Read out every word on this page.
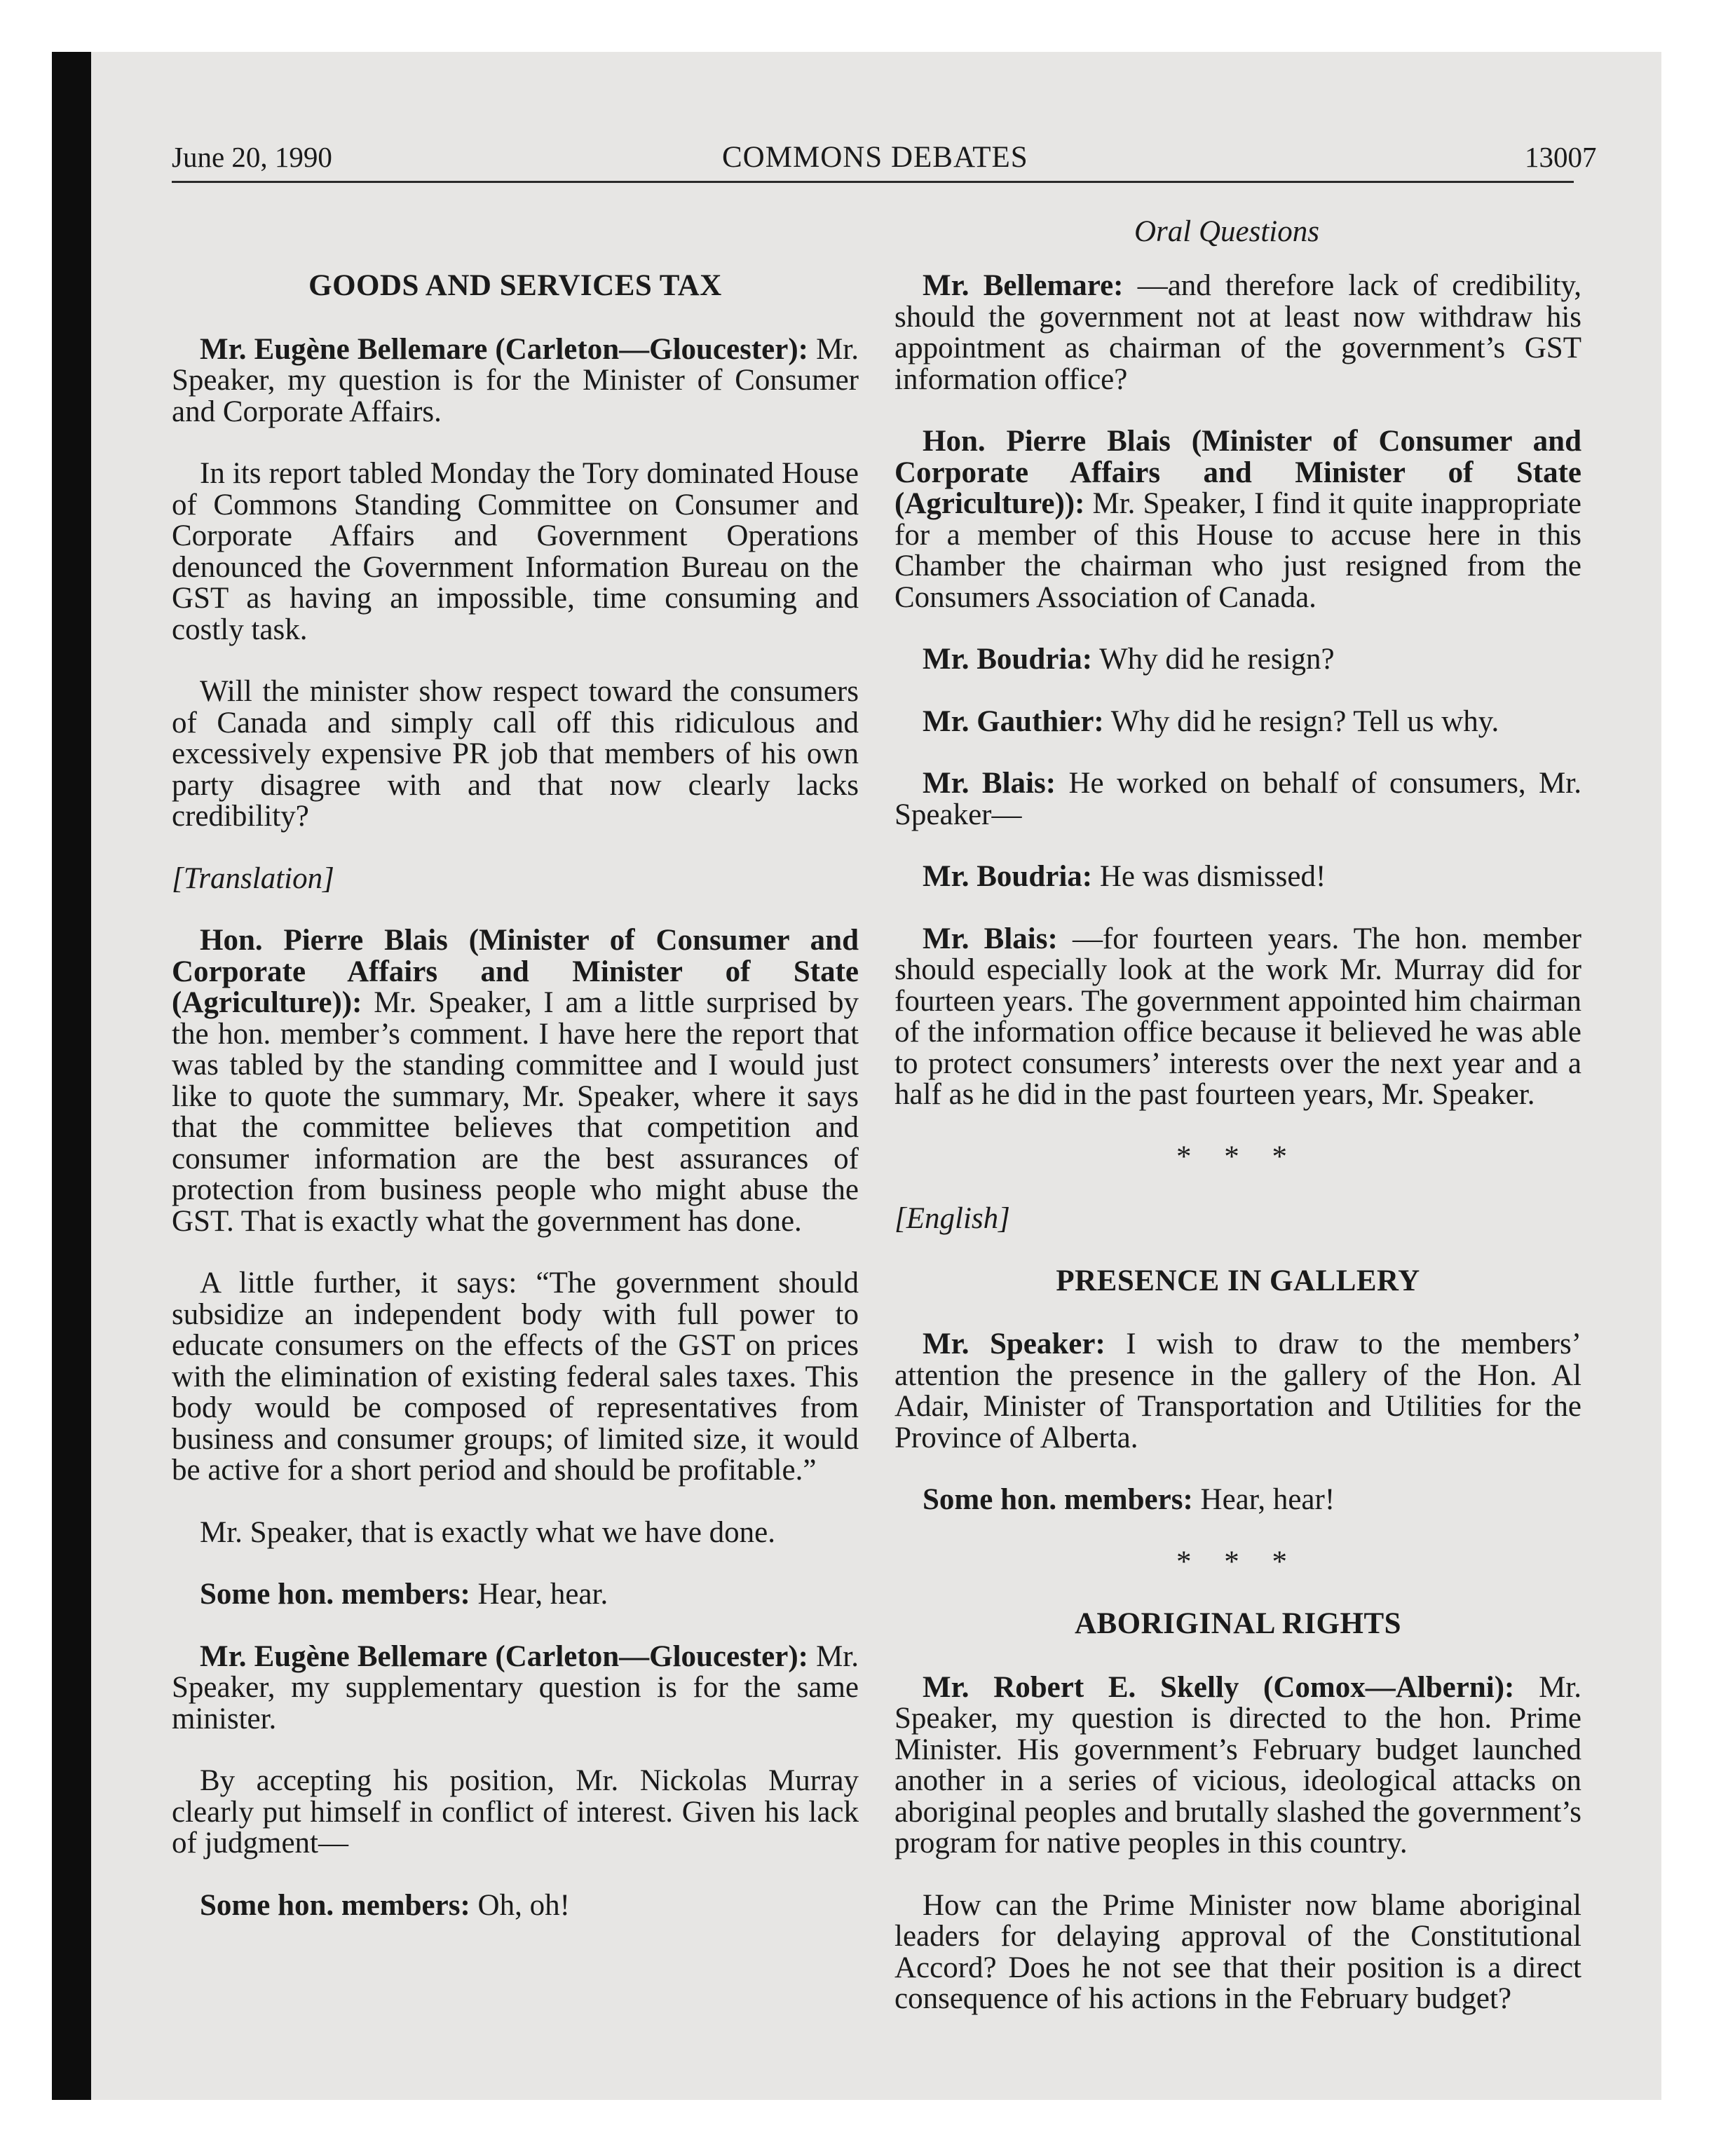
June 20, 1990	COMMONS DEBATES	13007
Oral Questions
GOODS AND SERVICES TAX

Mr. Eugène Bellemare (Carleton—Gloucester): Mr. Speaker, my question is for the Minister of Consumer and Corporate Affairs.

In its report tabled Monday the Tory dominated House of Commons Standing Committee on Consumer and Corporate Affairs and Government Operations denounced the Government Information Bureau on the GST as having an impossible, time consuming and costly task.

Will the minister show respect toward the consumers of Canada and simply call off this ridiculous and excessively expensive PR job that members of his own party disagree with and that now clearly lacks credibility?

[Translation]

Hon. Pierre Blais (Minister of Consumer and Corporate Affairs and Minister of State (Agriculture)): Mr. Speaker, I am a little surprised by the hon. member’s comment. I have here the report that was tabled by the standing committee and I would just like to quote the summary, Mr. Speaker, where it says that the committee believes that competition and consumer information are the best assurances of protection from business people who might abuse the GST. That is exactly what the government has done.

A little further, it says: “The government should subsidize an independent body with full power to educate consumers on the effects of the GST on prices with the elimination of existing federal sales taxes. This body would be composed of representatives from business and consumer groups; of limited size, it would be active for a short period and should be profitable.”

Mr. Speaker, that is exactly what we have done.

Some hon. members: Hear, hear.

Mr. Eugène Bellemare (Carleton—Gloucester): Mr. Speaker, my supplementary question is for the same minister.

By accepting his position, Mr. Nickolas Murray clearly put himself in conflict of interest. Given his lack of judgment—

Some hon. members: Oh, oh!

Mr. Bellemare: —and therefore lack of credibility, should the government not at least now withdraw his appointment as chairman of the government’s GST information office?

Hon. Pierre Blais (Minister of Consumer and Corporate Affairs and Minister of State (Agriculture)): Mr. Speaker, I find it quite inappropriate for a member of this House to accuse here in this Chamber the chairman who just resigned from the Consumers Association of Canada.

Mr. Boudria: Why did he resign?

Mr. Gauthier: Why did he resign? Tell us why.

Mr. Blais: He worked on behalf of consumers, Mr. Speaker—

Mr. Boudria: He was dismissed!

Mr. Blais: —for fourteen years. The hon. member should especially look at the work Mr. Murray did for fourteen years. The government appointed him chairman of the information office because it believed he was able to protect consumers’ interests over the next year and a half as he did in the past fourteen years, Mr. Speaker.

* * *
[English]
PRESENCE IN GALLERY

Mr. Speaker: I wish to draw to the members’ attention the presence in the gallery of the Hon. Al Adair, Minister of Transportation and Utilities for the Province of Alberta.

Some hon. members: Hear, hear!

* * *
ABORIGINAL RIGHTS

Mr. Robert E. Skelly (Comox—Alberni): Mr. Speaker, my question is directed to the hon. Prime Minister. His government’s February budget launched another in a series of vicious, ideological attacks on aboriginal peoples and brutally slashed the government’s program for native peoples in this country.

How can the Prime Minister now blame aboriginal leaders for delaying approval of the Constitutional Accord? Does he not see that their position is a direct consequence of his actions in the February budget?
